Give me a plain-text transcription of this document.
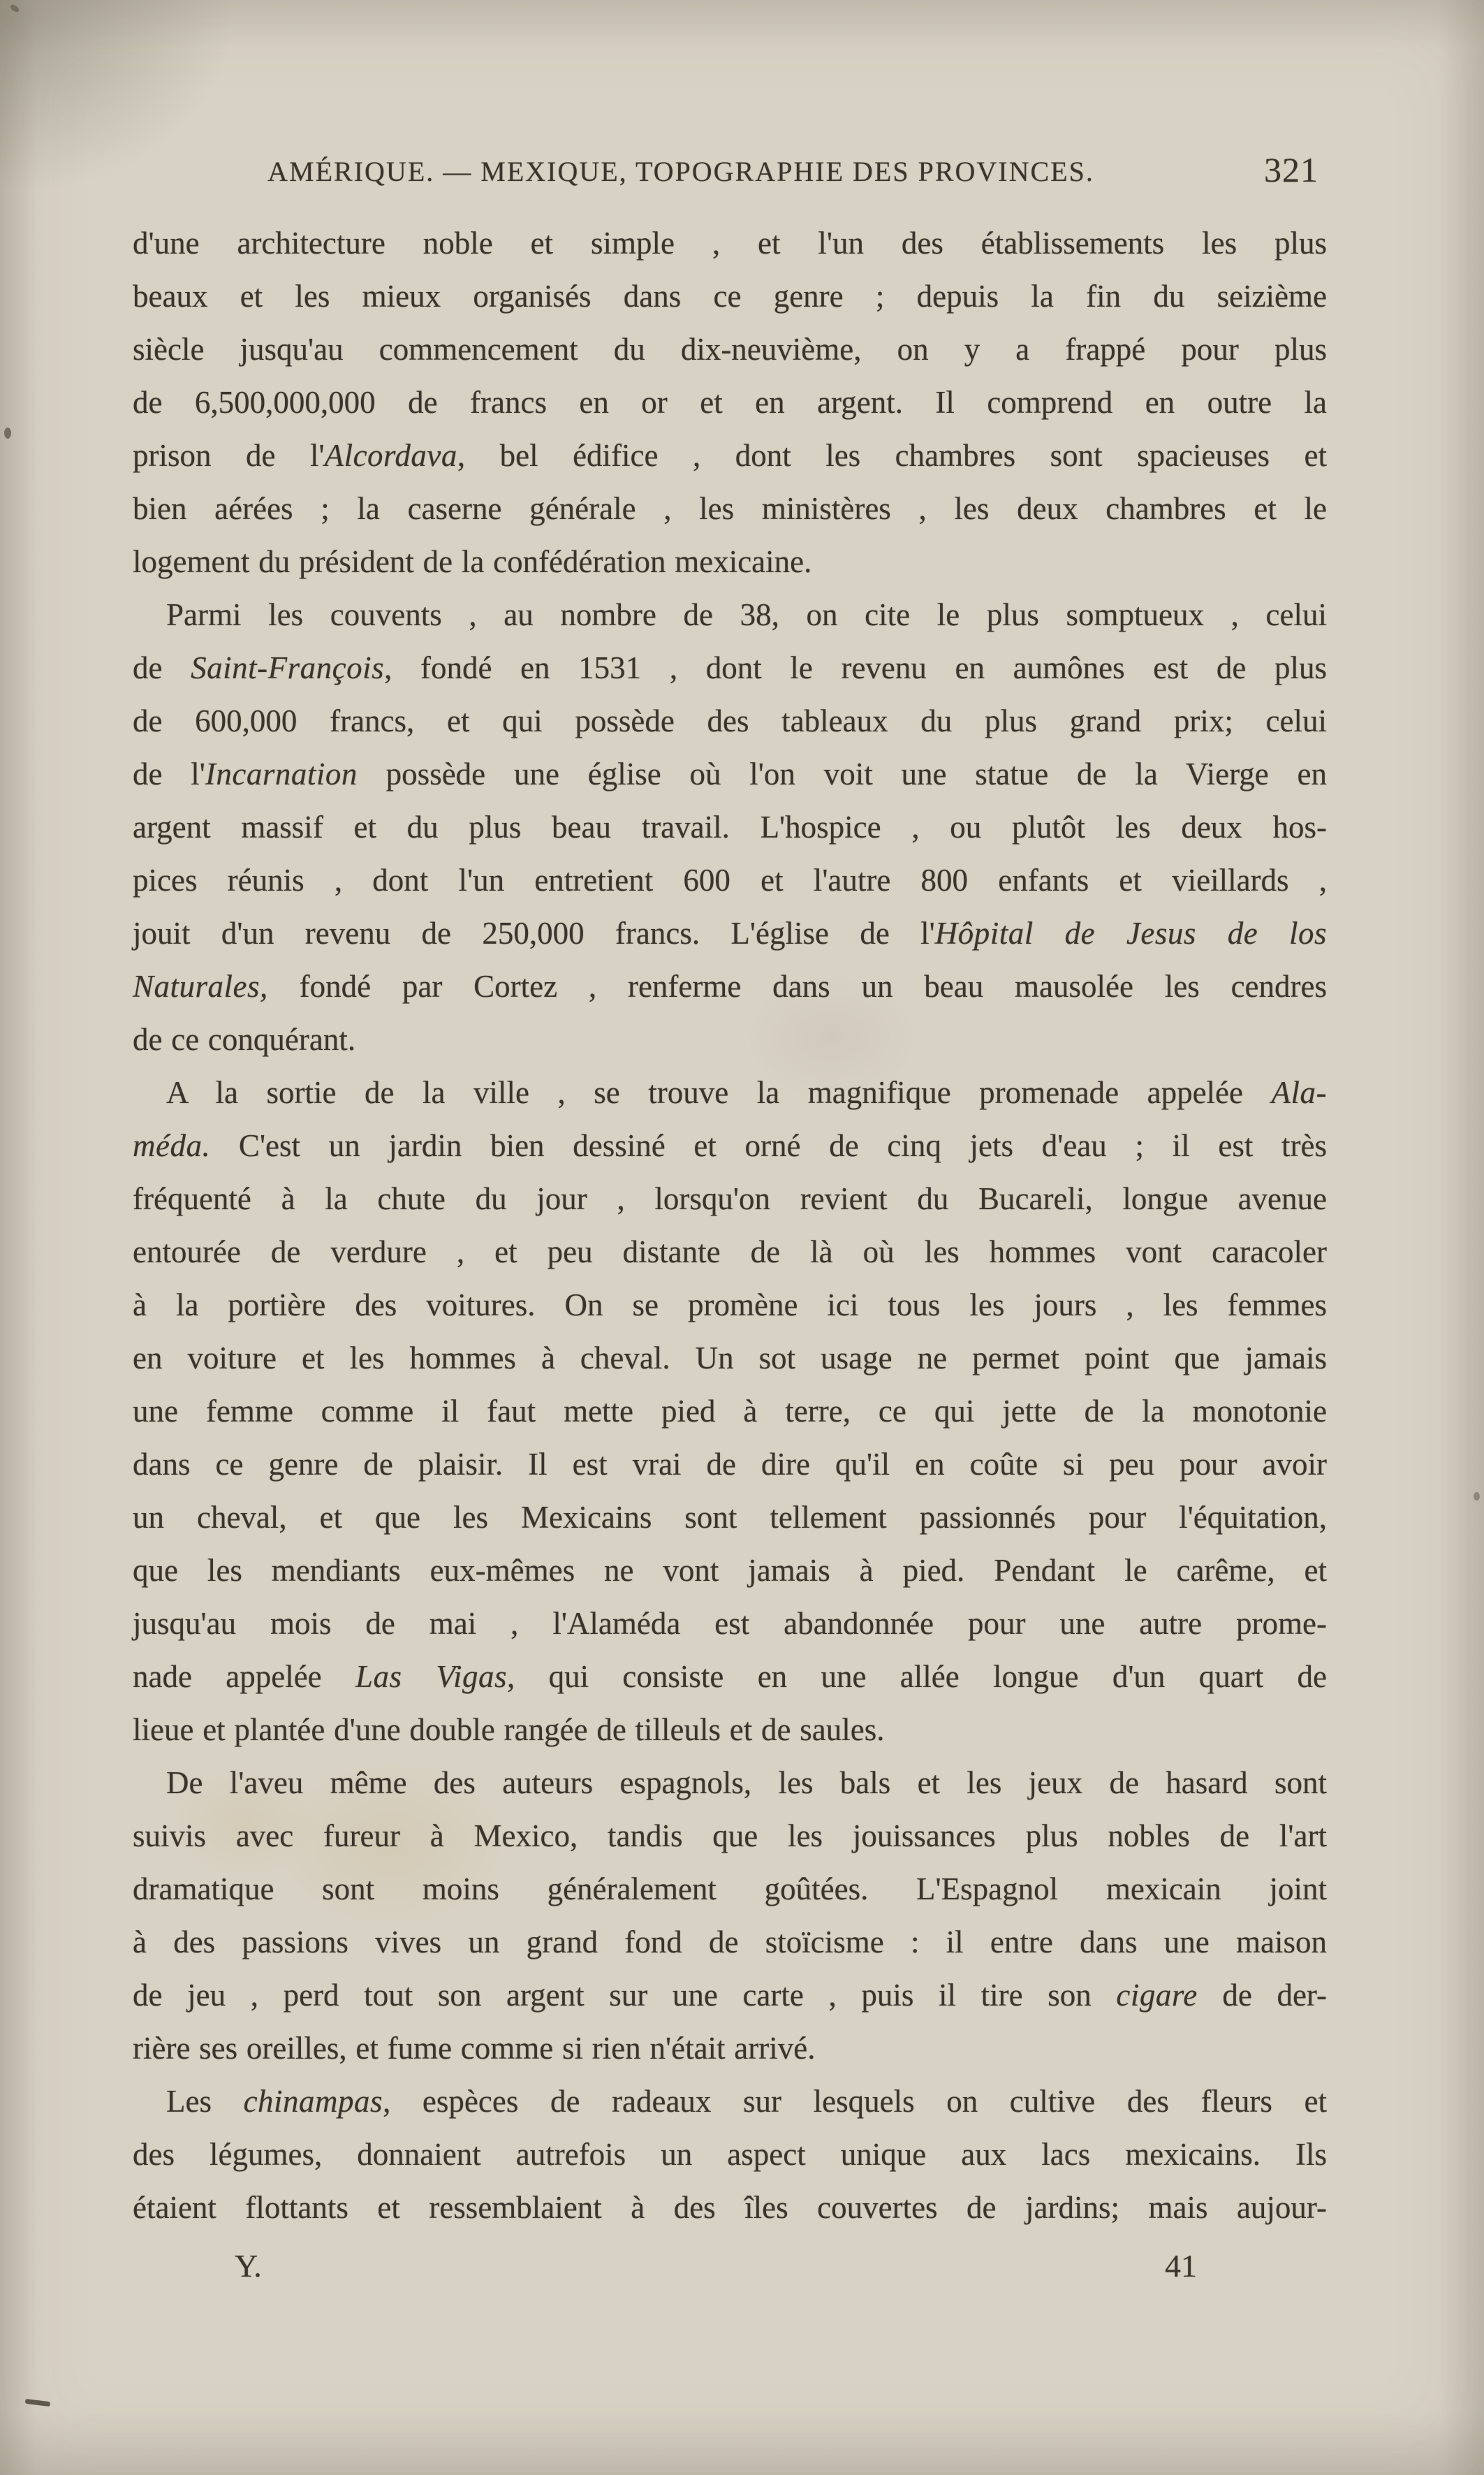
AMÉRIQUE. — MEXIQUE, TOPOGRAPHIE DES PROVINCES.	321
d'une architecture noble et simple , et l'un des établissements les plus
beaux et les mieux organisés dans ce genre ; depuis la fin du seizième
siècle jusqu'au commencement du dix-neuvième, on y a frappé pour plus
de 6,500,000,000 de francs en or et en argent. Il comprend en outre la
prison de l'Alcordava, bel édifice , dont les chambres sont spacieuses et
bien aérées ; la caserne générale , les ministères , les deux chambres et le
logement du président de la confédération mexicaine.
Parmi les couvents , au nombre de 38, on cite le plus somptueux , celui
de Saint-François, fondé en 1531 , dont le revenu en aumônes est de plus
de 600,000 francs, et qui possède des tableaux du plus grand prix; celui
de l'Incarnation possède une église où l'on voit une statue de la Vierge en
argent massif et du plus beau travail. L'hospice , ou plutôt les deux hos-
pices réunis , dont l'un entretient 600 et l'autre 800 enfants et vieillards ,
jouit d'un revenu de 250,000 francs. L'église de l'Hôpital de Jesus de los
Naturales, fondé par Cortez , renferme dans un beau mausolée les cendres
de ce conquérant.
A la sortie de la ville , se trouve la magnifique promenade appelée Ala-
méda. C'est un jardin bien dessiné et orné de cinq jets d'eau ; il est très
fréquenté à la chute du jour , lorsqu'on revient du Bucareli, longue avenue
entourée de verdure , et peu distante de là où les hommes vont caracoler
à la portière des voitures. On se promène ici tous les jours , les femmes
en voiture et les hommes à cheval. Un sot usage ne permet point que jamais
une femme comme il faut mette pied à terre, ce qui jette de la monotonie
dans ce genre de plaisir. Il est vrai de dire qu'il en coûte si peu pour avoir
un cheval, et que les Mexicains sont tellement passionnés pour l'équitation,
que les mendiants eux-mêmes ne vont jamais à pied. Pendant le carême, et
jusqu'au mois de mai , l'Alaméda est abandonnée pour une autre prome-
nade appelée Las Vigas, qui consiste en une allée longue d'un quart de
lieue et plantée d'une double rangée de tilleuls et de saules.
De l'aveu même des auteurs espagnols, les bals et les jeux de hasard sont
suivis avec fureur à Mexico, tandis que les jouissances plus nobles de l'art
dramatique sont moins généralement goûtées. L'Espagnol mexicain joint
à des passions vives un grand fond de stoïcisme : il entre dans une maison
de jeu , perd tout son argent sur une carte , puis il tire son cigare de der-
rière ses oreilles, et fume comme si rien n'était arrivé.
Les chinampas, espèces de radeaux sur lesquels on cultive des fleurs et
des légumes, donnaient autrefois un aspect unique aux lacs mexicains. Ils
étaient flottants et ressemblaient à des îles couvertes de jardins; mais aujour-
Y.	41
